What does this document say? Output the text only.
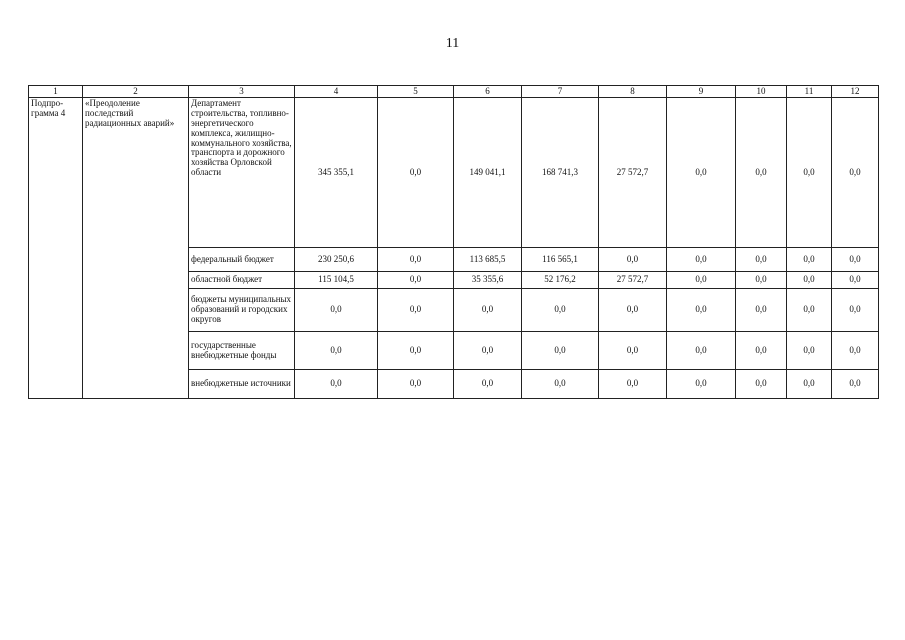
11
1	2	3	4	5	6	7	8	9	10	11	12
Подпро-грамма 4	«Преодоление последствий радиационных аварий»	Департамент строительства, топливно-энергетического комплекса, жилищно-коммунального хозяйства, транспорта и дорожного хозяйства Орловской области	345 355,1	0,0	149 041,1	168 741,3	27 572,7	0,0	0,0	0,0	0,0
		федеральный бюджет	230 250,6	0,0	113 685,5	116 565,1	0,0	0,0	0,0	0,0	0,0
		областной бюджет	115 104,5	0,0	35 355,6	52 176,2	27 572,7	0,0	0,0	0,0	0,0
		бюджеты муниципальных образований и городских округов	0,0	0,0	0,0	0,0	0,0	0,0	0,0	0,0	0,0
		государственные внебюджетные фонды	0,0	0,0	0,0	0,0	0,0	0,0	0,0	0,0	0,0
		внебюджетные источники	0,0	0,0	0,0	0,0	0,0	0,0	0,0	0,0	0,0
